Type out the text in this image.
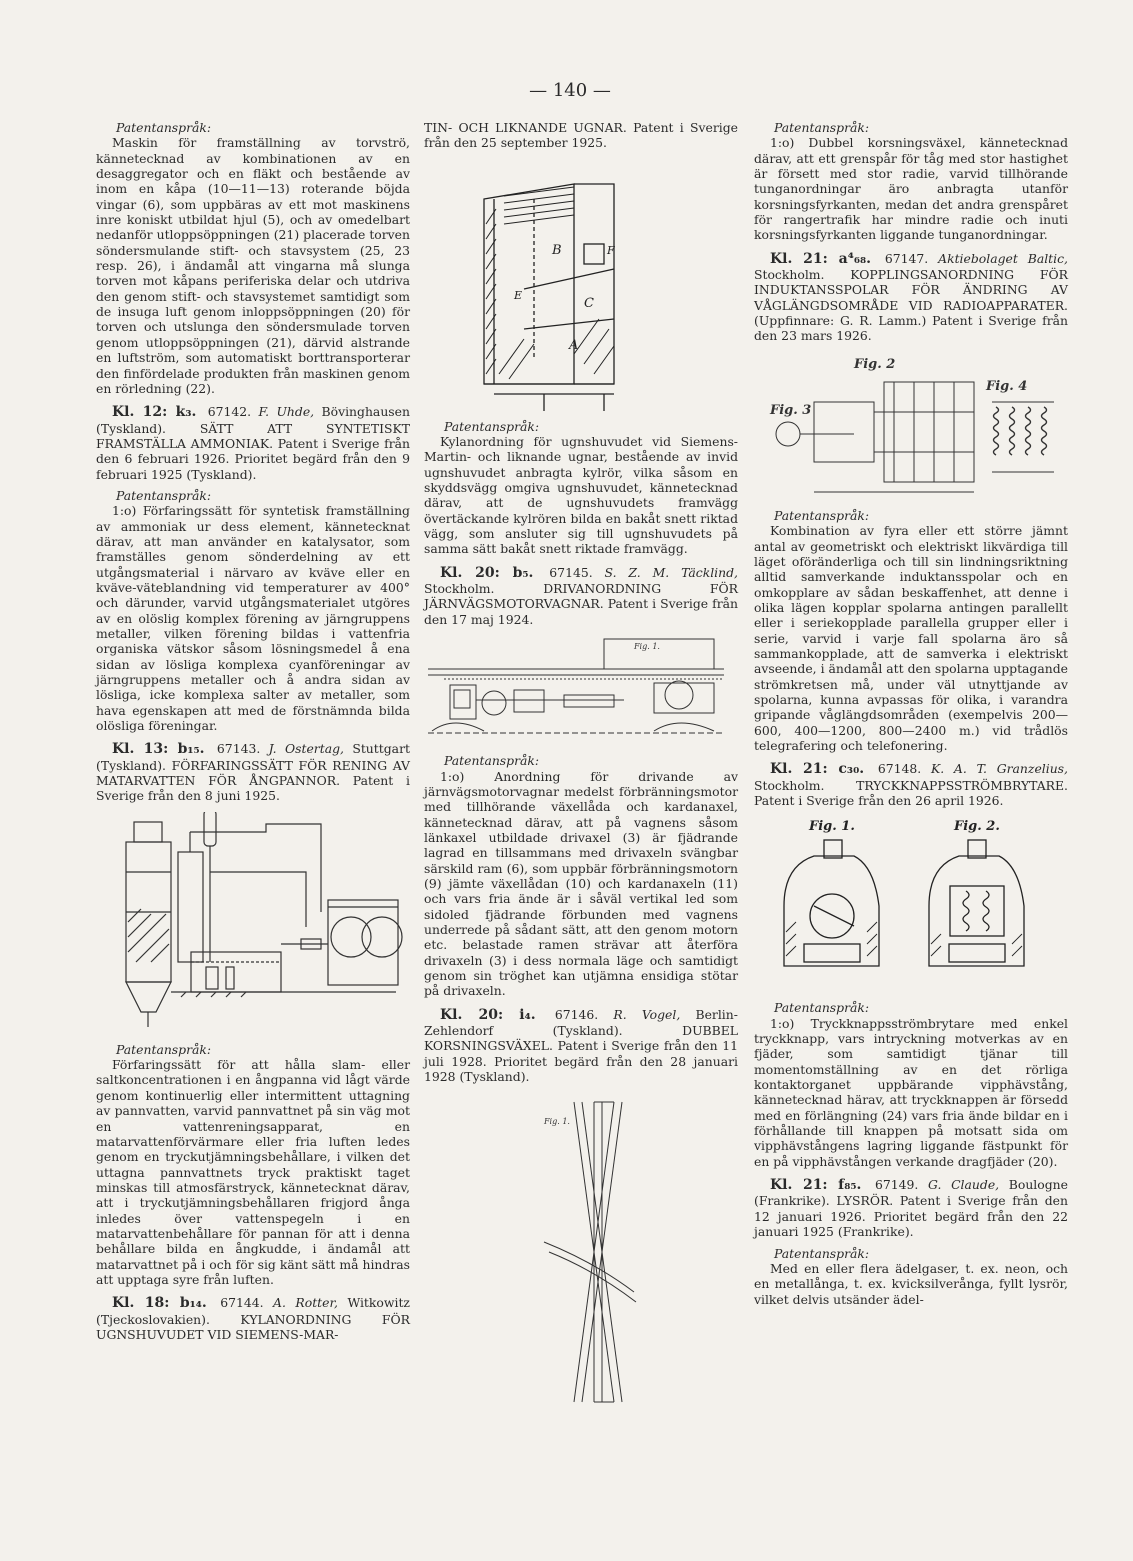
— 140 —
Patentanspråk:

Maskin för framställning av torvströ, kännetecknad av kombinationen av en desaggregator och en fläkt och bestående av inom en kåpa (10—11—13) roterande böjda vingar (6), som uppbäras av ett mot maskinens inre koniskt utbildat hjul (5), och av omedelbart nedanför utloppsöppningen (21) placerade torven söndersmulande stift- och stavsystem (25, 23 resp. 26), i ändamål att vingarna må slunga torven mot kåpans periferiska delar och utdriva den genom stift- och stavsystemet samtidigt som de insuga luft genom inloppsöppningen (20) för torven och utslunga den söndersmulade torven genom utloppsöppningen (21), därvid alstrande en luftström, som automatiskt borttransporterar den finfördelade produkten från maskinen genom en rörledning (22).

Kl. 12: k₃. 67142. F. Uhde, Bövinghausen (Tyskland). SÄTT ATT SYNTETISKT FRAMSTÄLLA AMMONIAK. Patent i Sverige från den 6 februari 1926. Prioritet begärd från den 9 februari 1925 (Tyskland).

Patentanspråk:

1:o) Förfaringssätt för syntetisk framställning av ammoniak ur dess element, kännetecknat därav, att man använder en katalysator, som framställes genom sönderdelning av ett utgångsmaterial i närvaro av kväve eller en kväve-väteblandning vid temperaturer av 400° och därunder, varvid utgångsmaterialet utgöres av en olöslig komplex förening av järngruppens metaller, vilken förening bildas i vattenfria organiska vätskor såsom lösningsmedel å ena sidan av lösliga komplexa cyanföreningar av järngruppens metaller och å andra sidan av lösliga, icke komplexa salter av metaller, som hava egenskapen att med de förstnämnda bilda olösliga föreningar.

Kl. 13: b₁₅. 67143. J. Ostertag, Stuttgart (Tyskland). FÖRFARINGSSÄTT FÖR RENING AV MATARVATTEN FÖR ÅNGPANNOR. Patent i Sverige från den 8 juni 1925.

Patentanspråk:

Förfaringssätt för att hålla slam- eller saltkoncentrationen i en ångpanna vid lågt värde genom kontinuerlig eller intermittent uttagning av pannvatten, varvid pannvattnet på sin väg mot en vattenreningsapparat, en matarvattenförvärmare eller fria luften ledes genom en tryckutjämningsbehållare, i vilken det uttagna pannvattnets tryck praktiskt taget minskas till atmosfärstryck, kännetecknat därav, att i tryckutjämningsbehållaren frigjord ånga inledes över vattenspegeln i en matarvattenbehållare för pannan för att i denna behållare bilda en ångkudde, i ändamål att matarvattnet på i och för sig känt sätt må hindras att upptaga syre från luften.

Kl. 18: b₁₄. 67144. A. Rotter, Witkowitz (Tjeckoslovakien). KYLANORDNING FÖR UGNSHUVUDET VID SIEMENS-MAR-

TIN- OCH LIKNANDE UGNAR. Patent i Sverige från den 25 september 1925.

B	F
E
C
A
Patentanspråk:

Kylanordning för ugnshuvudet vid Siemens-Martin- och liknande ugnar, bestående av invid ugnshuvudet anbragta kylrör, vilka såsom en skyddsvägg omgiva ugnshuvudet, kännetecknad därav, att de ugnshuvudets framvägg övertäckande kylrören bilda en bakåt snett riktad vägg, som ansluter sig till ugnshuvudets på samma sätt bakåt snett riktade framvägg.

Kl. 20: b₅. 67145. S. Z. M. Täcklind, Stockholm. DRIVANORDNING FÖR JÄRNVÄGSMOTORVAGNAR. Patent i Sverige från den 17 maj 1924.

Fig. 1.
Patentanspråk:

1:o) Anordning för drivande av järnvägsmotorvagnar medelst förbränningsmotor med tillhörande växellåda och kardanaxel, kännetecknad därav, att på vagnens såsom länkaxel utbildade drivaxel (3) är fjädrande lagrad en tillsammans med drivaxeln svängbar särskild ram (6), som uppbär förbränningsmotorn (9) jämte växellådan (10) och kardanaxeln (11) och vars fria ände är i såväl vertikal led som sidoled fjädrande förbunden med vagnens underrede på sådant sätt, att den genom motorn etc. belastade ramen strävar att återföra drivaxeln (3) i dess normala läge och samtidigt genom sin tröghet kan utjämna ensidiga stötar på drivaxeln.

Kl. 20: i₄. 67146. R. Vogel, Berlin-Zehlendorf (Tyskland). DUBBEL KORSNINGSVÄXEL. Patent i Sverige från den 11 juli 1928. Prioritet begärd från den 28 januari 1928 (Tyskland).

Fig. 1.
Patentanspråk:

1:o) Dubbel korsningsväxel, kännetecknad därav, att ett grenspår för tåg med stor hastighet är försett med stor radie, varvid tillhörande tunganordningar äro anbragta utanför korsningsfyrkanten, medan det andra grenspåret för rangertrafik har mindre radie och inuti korsningsfyrkanten liggande tunganordningar.

Kl. 21: a⁴₆₈. 67147. Aktiebolaget Baltic, Stockholm. KOPPLINGSANORDNING FÖR INDUKTANSSPOLAR FÖR ÄNDRING AV VÅGLÄNGDSOMRÅDE VID RADIOAPPARATER. (Uppfinnare: G. R. Lamm.) Patent i Sverige från den 23 mars 1926.

Fig. 2
Fig. 3
Fig. 4
Patentanspråk:

Kombination av fyra eller ett större jämnt antal av geometriskt och elektriskt likvärdiga till läget oföränderliga och till sin lindningsriktning alltid samverkande induktansspolar och en omkopplare av sådan beskaffenhet, att denne i olika lägen kopplar spolarna antingen parallellt eller i seriekopplade parallella grupper eller i serie, varvid i varje fall spolarna äro så sammankopplade, att de samverka i elektriskt avseende, i ändamål att den spolarna upptagande strömkretsen må, under väl utnyttjande av spolarna, kunna avpassas för olika, i varandra gripande våglängdsområden (exempelvis 200—600, 400—1200, 800—2400 m.) vid trådlös telegrafering och telefonering.

Kl. 21: c₃₀. 67148. K. A. T. Granzelius, Stockholm. TRYCKKNAPPSSTRÖMBRYTARE. Patent i Sverige från den 26 april 1926.

Fig. 1.	Fig. 2.
Patentanspråk:

1:o) Tryckknappsströmbrytare med enkel tryckknapp, vars intryckning motverkas av en fjäder, som samtidigt tjänar till momentomställning av en det rörliga kontaktorganet uppbärande vipphävstång, kännetecknad härav, att tryckknappen är försedd med en förlängning (24) vars fria ände bildar en i förhållande till knappen på motsatt sida om vipphävstångens lagring liggande fästpunkt för en på vipphävstången verkande dragfjäder (20).

Kl. 21: f₈₅. 67149. G. Claude, Boulogne (Frankrike). LYSRÖR. Patent i Sverige från den 12 januari 1926. Prioritet begärd från den 22 januari 1925 (Frankrike).

Patentanspråk:

Med en eller flera ädelgaser, t. ex. neon, och en metallånga, t. ex. kvicksilverånga, fyllt lysrör, vilket delvis utsänder ädel-
